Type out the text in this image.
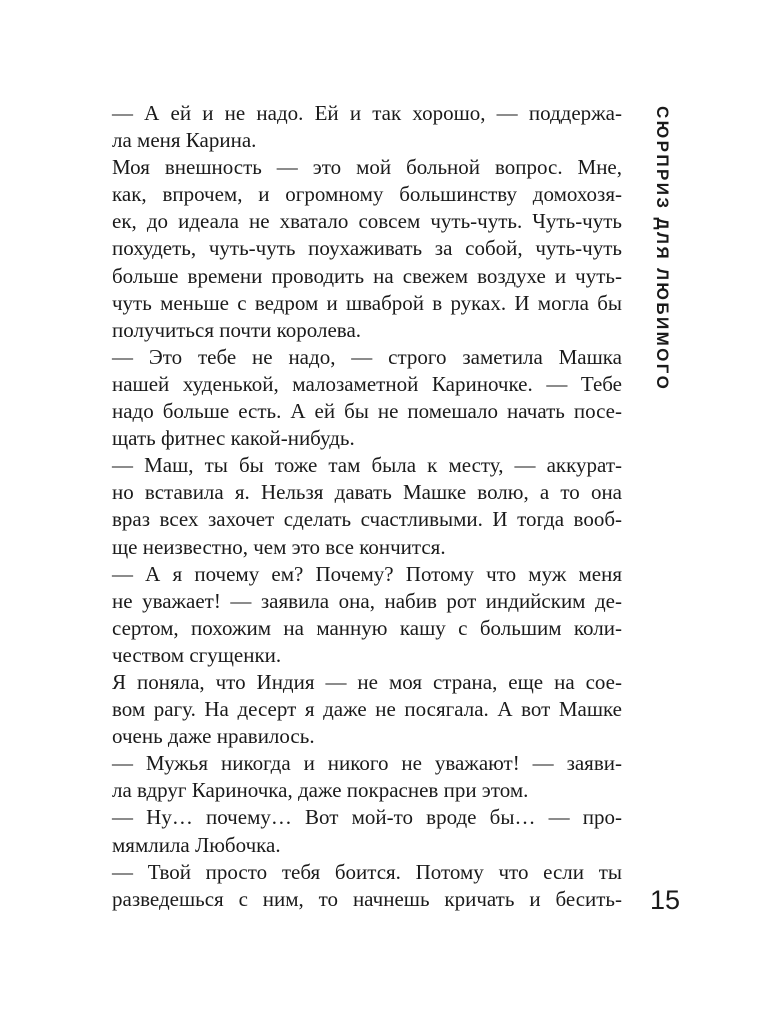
— А ей и не надо. Ей и так хорошо, — поддержа-
ла меня Карина.
Моя внешность — это мой больной вопрос. Мне,
как, впрочем, и огромному большинству домохозя-
ек, до идеала не хватало совсем чуть-чуть. Чуть-чуть
похудеть, чуть-чуть поухаживать за собой, чуть-чуть
больше времени проводить на свежем воздухе и чуть-
чуть меньше с ведром и шваброй в руках. И могла бы
получиться почти королева.
— Это тебе не надо, — строго заметила Машка
нашей худенькой, малозаметной Кариночке. — Тебе
надо больше есть. А ей бы не помешало начать посе-
щать фитнес какой-нибудь.
— Маш, ты бы тоже там была к месту, — аккурат-
но вставила я. Нельзя давать Машке волю, а то она
враз всех захочет сделать счастливыми. И тогда вооб-
ще неизвестно, чем это все кончится.
— А я почему ем? Почему? Потому что муж меня
не уважает! — заявила она, набив рот индийским де-
сертом, похожим на манную кашу с большим коли-
чеством сгущенки.
Я поняла, что Индия — не моя страна, еще на сое-
вом рагу. На десерт я даже не посягала. А вот Машке
очень даже нравилось.
— Мужья никогда и никого не уважают! — заяви-
ла вдруг Кариночка, даже покраснев при этом.
— Ну… почему… Вот мой-то вроде бы… — про-
мямлила Любочка.
— Твой просто тебя боится. Потому что если ты
разведешься с ним, то начнешь кричать и бесить-
СЮРПРИЗ ДЛЯ ЛЮБИМОГО
15
